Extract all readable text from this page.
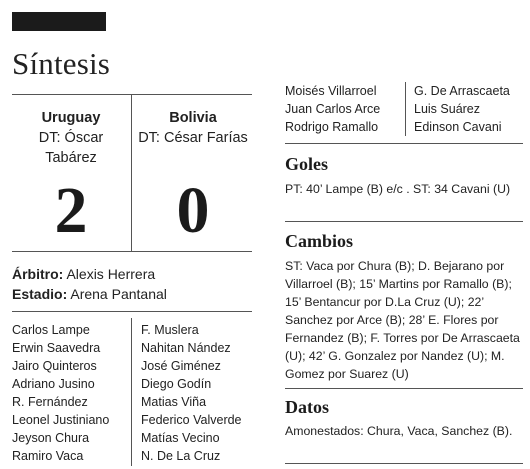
Síntesis
Uruguay
DT: Óscar Tabárez
Bolivia
DT: César Farías
2	0
Árbitro: Alexis Herrera
Estadio: Arena Pantanal
Carlos Lampe
Erwin Saavedra
Jairo Quinteros
Adriano Jusino
R. Fernández
Leonel Justiniano
Jeyson Chura
Ramiro Vaca
F. Muslera
Nahitan Nández
José Giménez
Diego Godín
Matias Viña
Federico Valverde
Matías Vecino
N. De La Cruz
Moisés Villarroel
Juan Carlos Arce
Rodrigo Ramallo
G. De Arrascaeta
Luis Suárez
Edinson Cavani
Goles
PT: 40’ Lampe (B) e/c . ST: 34 Cavani (U)
Cambios
ST: Vaca por Chura (B); D. Bejarano por Villarroel (B); 15’ Martins por Ramallo (B); 15’ Bentancur por D.La Cruz (U); 22’ Sanchez por Arce (B); 28’ E. Flores por Fernandez (B); F. Torres por De Arrascaeta (U); 42’ G. Gonzalez por Nandez (U); M. Gomez por Suarez (U)
Datos
Amonestados: Chura, Vaca, Sanchez (B).
